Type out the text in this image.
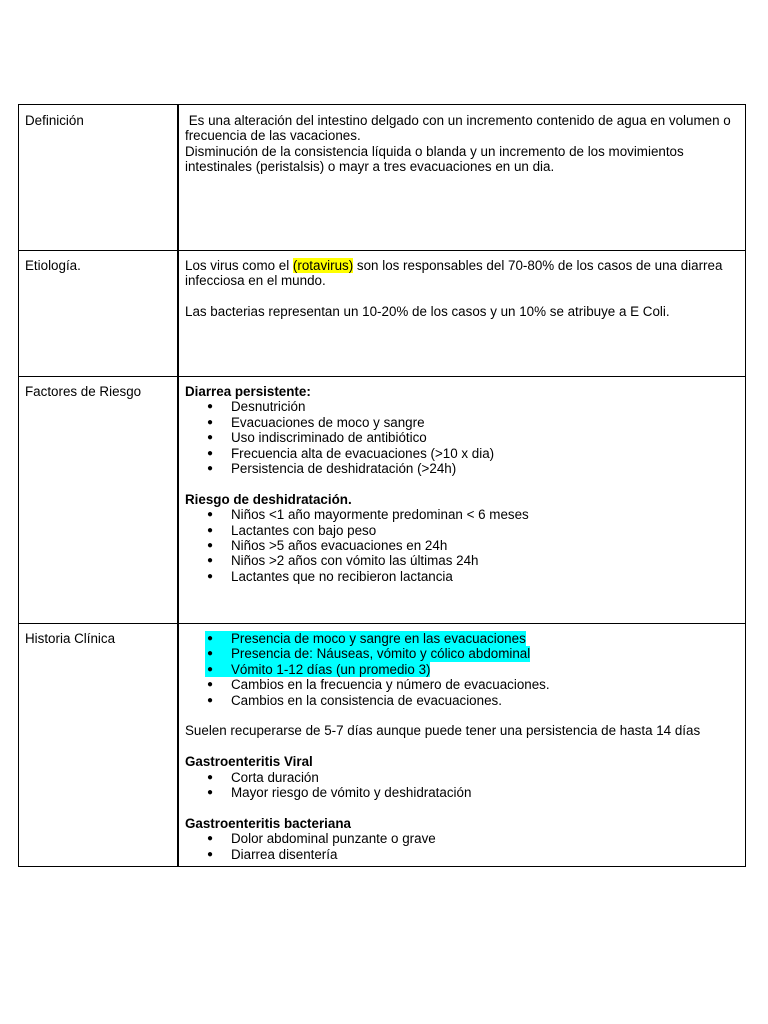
Definición	Es una alteración del intestino delgado con un incremento contenido de agua en volumen o frecuencia de las vacaciones.

Disminución de la consistencia líquida o blanda y un incremento de los movimientos intestinales (peristalsis) o mayr a tres evacuaciones en un dia.

Etiología.	Los virus como el (rotavirus) son los responsables del 70-80% de los casos de una diarrea infecciosa en el mundo.

Las bacterias representan un 10-20% de los casos y un 10% se atribuye a E Coli.

Factores de Riesgo	Diarrea persistente:

● Desnutrición
● Evacuaciones de moco y sangre
● Uso indiscriminado de antibiótico
● Frecuencia alta de evacuaciones (>10 x dia)
● Persistencia de deshidratación (>24h)

Riesgo de deshidratación.

● Niños <1 año mayormente predominan < 6 meses
● Lactantes con bajo peso
● Niños >5 años evacuaciones en 24h
● Niños >2 años con vómito las últimas 24h
● Lactantes que no recibieron lactancia
Historia Clínica
●	Presencia de moco y sangre en las evacuaciones
● Presencia de: Náuseas, vómito y cólico abdominal
● Vómito 1-12 días (un promedio 3)
● Cambios en la frecuencia y número de evacuaciones.
● Cambios en la consistencia de evacuaciones.

Suelen recuperarse de 5-7 días aunque puede tener una persistencia de hasta 14 días

Gastroenteritis Viral

● Corta duración
● Mayor riesgo de vómito y deshidratación

Gastroenteritis bacteriana

● Dolor abdominal punzante o grave
● Diarrea disentería
